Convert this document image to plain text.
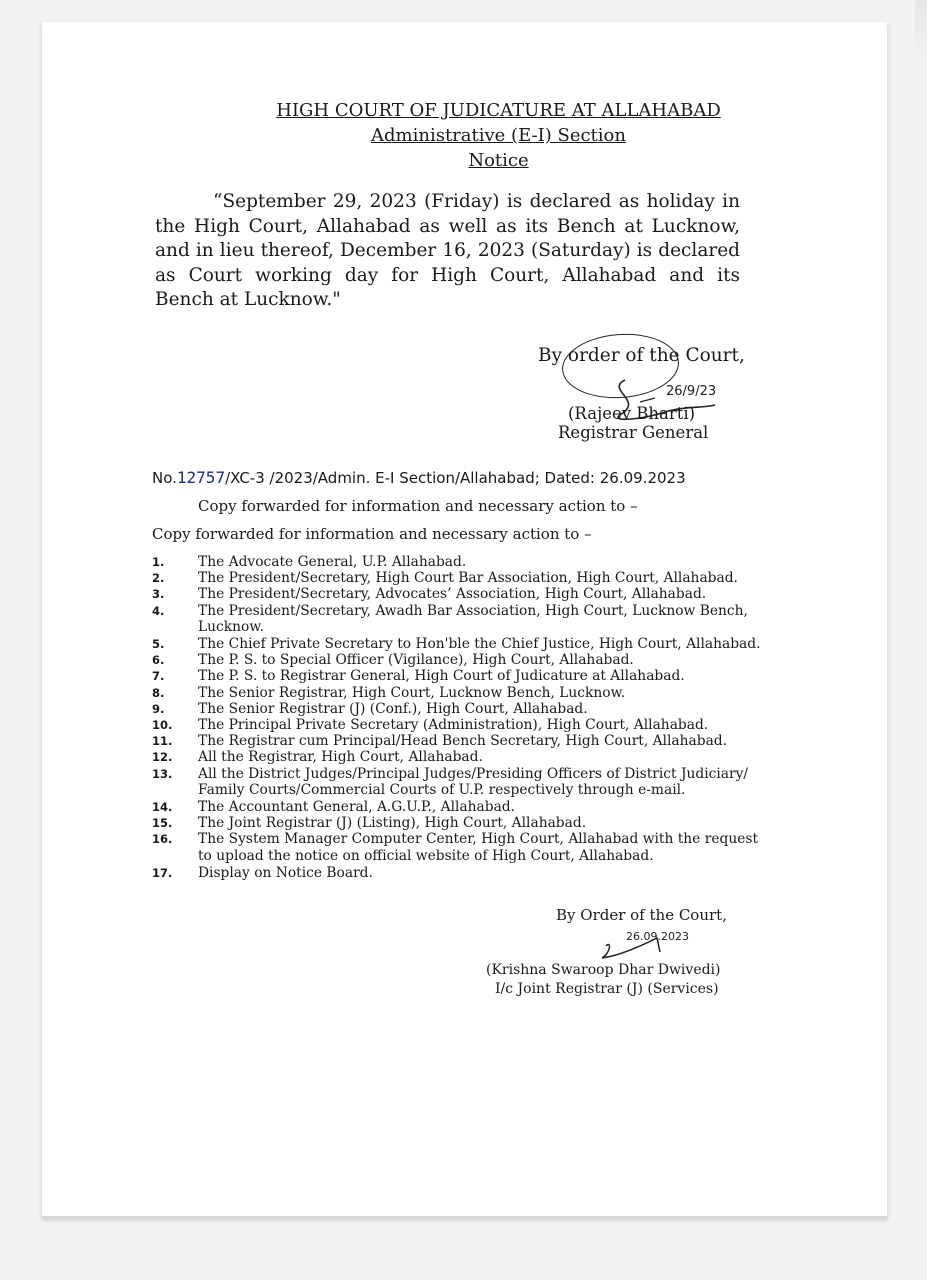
HIGH COURT OF JUDICATURE AT ALLAHABAD
Administrative (E-I) Section
Notice
“September 29, 2023 (Friday) is declared as holiday in the High Court, Allahabad as well as its Bench at Lucknow, and in lieu thereof, December 16, 2023 (Saturday) is declared as Court working day for High Court, Allahabad and its Bench at Lucknow."
By order of the Court,
26/9/23
(Rajeev Bharti)
Registrar General
No.12757/XC-3 /2023/Admin. E-I Section/Allahabad; Dated: 26.09.2023
Copy forwarded for information and necessary action to –
Copy forwarded for information and necessary action to –
1.	The Advocate General, U.P. Allahabad.
2.	The President/Secretary, High Court Bar Association, High Court, Allahabad.
3.	The President/Secretary, Advocates’ Association, High Court, Allahabad.
4.	The President/Secretary, Awadh Bar Association, High Court, Lucknow Bench, Lucknow.
5.	The Chief Private Secretary to Hon'ble the Chief Justice, High Court, Allahabad.
6.	The P. S. to Special Officer (Vigilance), High Court, Allahabad.
7.	The P. S. to Registrar General, High Court of Judicature at Allahabad.
8.	The Senior Registrar, High Court, Lucknow Bench, Lucknow.
9.	The Senior Registrar (J) (Conf.), High Court, Allahabad.
10.	The Principal Private Secretary (Administration), High Court, Allahabad.
11.	The Registrar cum Principal/Head Bench Secretary, High Court, Allahabad.
12.	All the Registrar, High Court, Allahabad.
13.	All the District Judges/Principal Judges/Presiding Officers of District Judiciary/ Family Courts/Commercial Courts of U.P. respectively through e-mail.
14.	The Accountant General, A.G.U.P., Allahabad.
15.	The Joint Registrar (J) (Listing), High Court, Allahabad.
16.	The System Manager Computer Center, High Court, Allahabad with the request to upload the notice on official website of High Court, Allahabad.
17.	Display on Notice Board.
By Order of the Court,
26.09.2023
(Krishna Swaroop Dhar Dwivedi)
I/c Joint Registrar (J) (Services)
